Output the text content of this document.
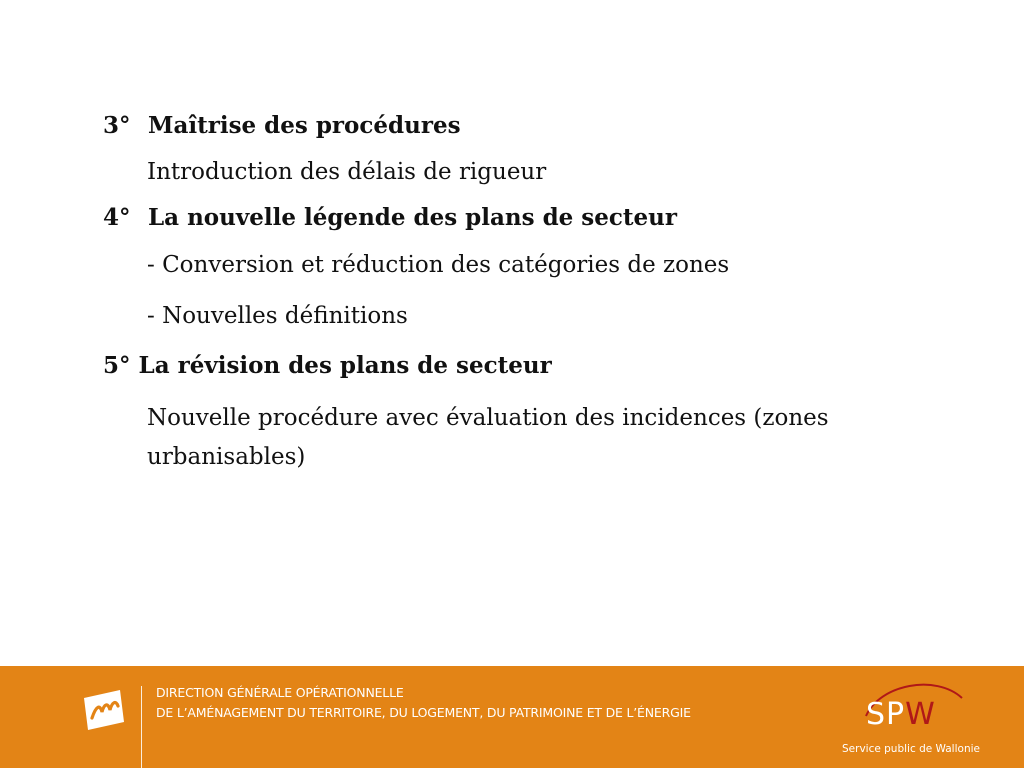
3° Maîtrise des procédures
Introduction des délais de rigueur
4° La nouvelle légende des plans de secteur
- Conversion et réduction des catégories de zones
- Nouvelles définitions
5° La révision des plans de secteur
Nouvelle procédure avec évaluation des incidences (zones
urbanisables)
DIRECTION GÉNÉRALE OPÉRATIONNELLE
DE L’AMÉNAGEMENT DU TERRITOIRE, DU LOGEMENT, DU PATRIMOINE ET DE L’ÉNERGIE	SPW
Service public de Wallonie
